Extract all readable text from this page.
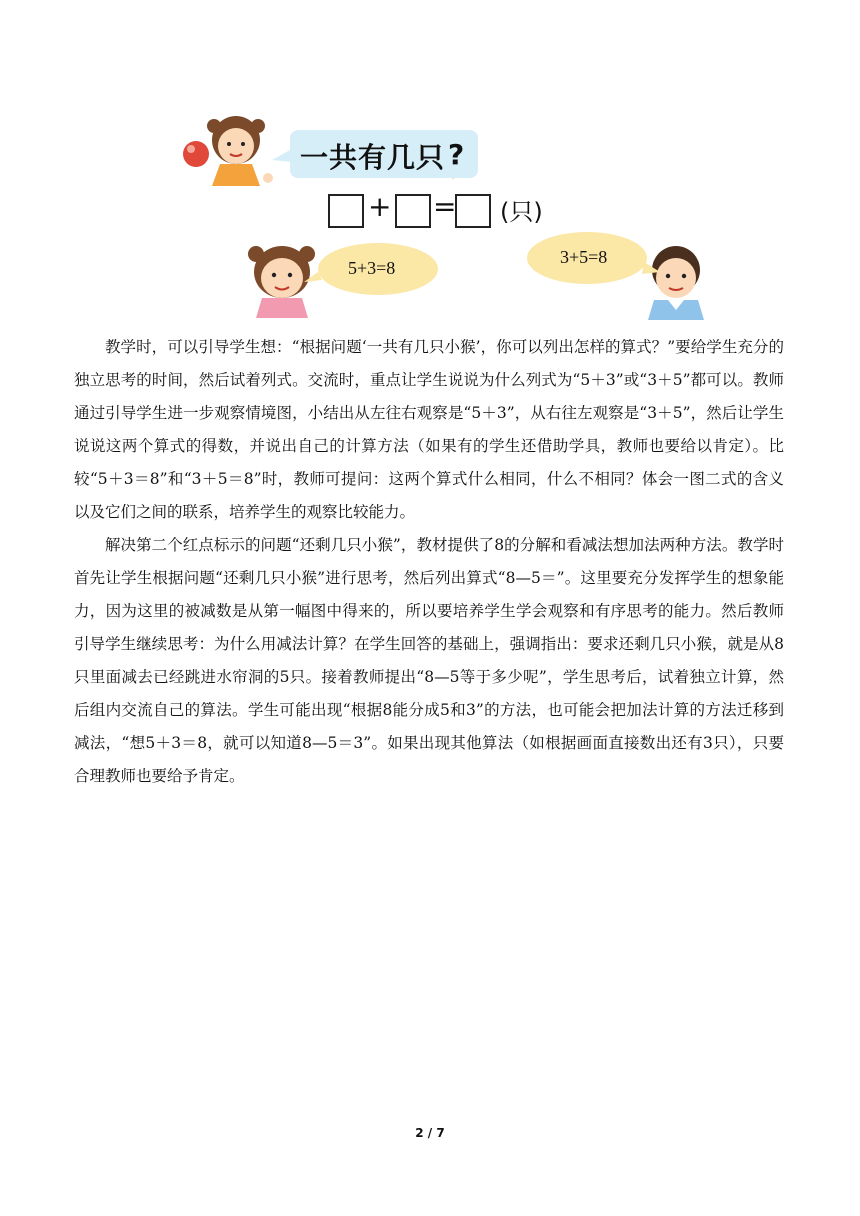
一共有几只 ?
+ = (只)
5+3=8
3+5=8

教学时，可以引导学生想：“根据问题‘一共有几只小猴’，你可以列出怎样的算式？”要给学生充分的独立思考的时间，然后试着列式。交流时，重点让学生说说为什么列式为“5＋3”或“3＋5”都可以。教师通过引导学生进一步观察情境图，小结出从左往右观察是“5＋3”，从右往左观察是“3＋5”，然后让学生说说这两个算式的得数，并说出自己的计算方法（如果有的学生还借助学具，教师也要给以肯定）。比较“5＋3＝8”和“3＋5＝8”时，教师可提问：这两个算式什么相同，什么不相同？体会一图二式的含义以及它们之间的联系，培养学生的观察比较能力。

解决第二个红点标示的问题“还剩几只小猴”，教材提供了8的分解和看减法想加法两种方法。教学时首先让学生根据问题“还剩几只小猴”进行思考，然后列出算式“8—5＝”。这里要充分发挥学生的想象能力，因为这里的被减数是从第一幅图中得来的，所以要培养学生学会观察和有序思考的能力。然后教师引导学生继续思考：为什么用减法计算？在学生回答的基础上，强调指出：要求还剩几只小猴，就是从8只里面减去已经跳进水帘洞的5只。接着教师提出“8—5等于多少呢”，学生思考后，试着独立计算，然后组内交流自己的算法。学生可能出现“根据8能分成5和3”的方法，也可能会把加法计算的方法迁移到减法，“想5＋3＝8，就可以知道8—5＝3”。如果出现其他算法（如根据画面直接数出还有3只），只要合理教师也要给予肯定。

2 / 7
